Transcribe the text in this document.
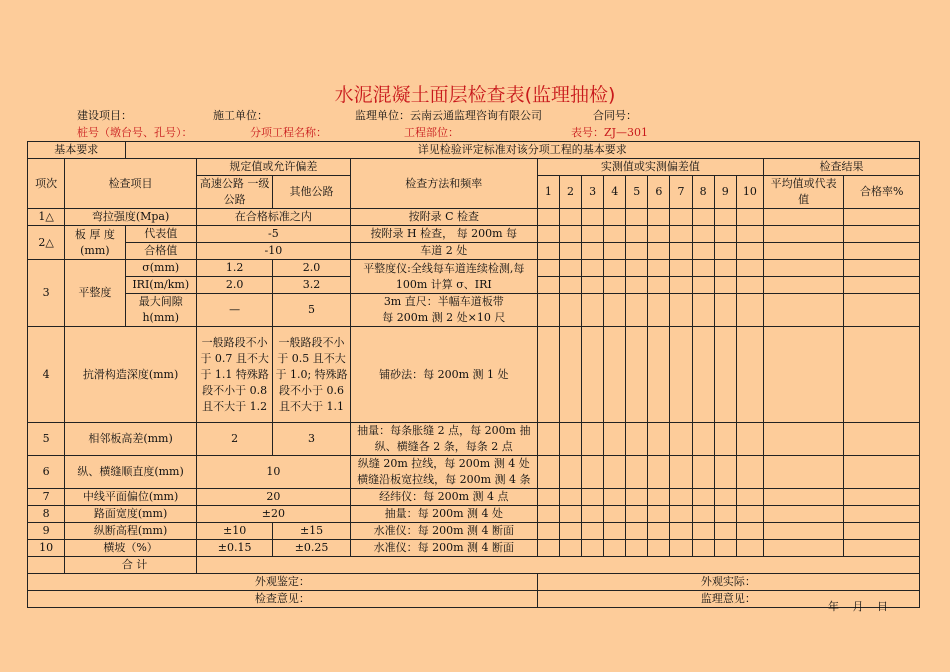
水泥混凝土面层检查表(监理抽检)
建设项目：	施工单位：	监理单位：云南云通监理咨询有限公司	合同号：
桩号（墩台号、孔号）：	分项工程名称：	工程部位：	表号：ZJ—301
基本要求		详见检验评定标准对该分项工程的基本要求															
项次	检查项目		规定值或允许偏差		检查方法和频率	实测值或实测偏差值										检查结果	
			高速公路 一级公路	其他公路		1	2	3	4	5	6	7	8	9	10	平均值或代表值	合格率%
1△	弯拉强度(Mpa)		在合格标准之内		按附录 C 检查												
2△	板 厚 度 (mm)	代表值	-5		按附录 H 检查， 每 200m 每												
		合格值	-10		车道 2 处												
3	平整度	σ(mm)	1.2	2.0	平整度仪:全线每车道连续检测,每 100m 计算 σ、IRI												
		IRI(m/km)	2.0	3.2													
		最大间隙 h(mm)	—	5	3m 直尺：半幅车道板带
每 200m 测 2 处×10 尺												

4	抗滑构造深度(mm)		一般路段不小于 0.7 且不大于 1.1 特殊路段不小于 0.8 且不大于 1.2	一般路段不小于 0.5 且不大于 1.0; 特殊路段不小于 0.6 且不大于 1.1	铺砂法：每 200m 测 1 处												
5	相邻板高差(mm)		2	3	抽量：每条胀缝 2 点，每 200m 抽纵、横缝各 2 条，每条 2 点												
6	纵、横缝顺直度(mm)		10		纵缝 20m 拉线，每 200m 测 4 处
横缝沿板宽拉线，每 200m 测 4 条												

7	中线平面偏位(mm)		20		经纬仪：每 200m 测 4 点												
8	路面宽度(mm)		±20		抽量：每 200m 测 4 处												
9	纵断高程(mm)		±10	±15	水准仪：每 200m 测 4 断面												
10	横坡（%）		±0.15	±0.25	水准仪：每 200m 测 4 断面												
	合 计																
外观鉴定：						外观实际：											
检查意见：						监理意见：											
年 月 日
